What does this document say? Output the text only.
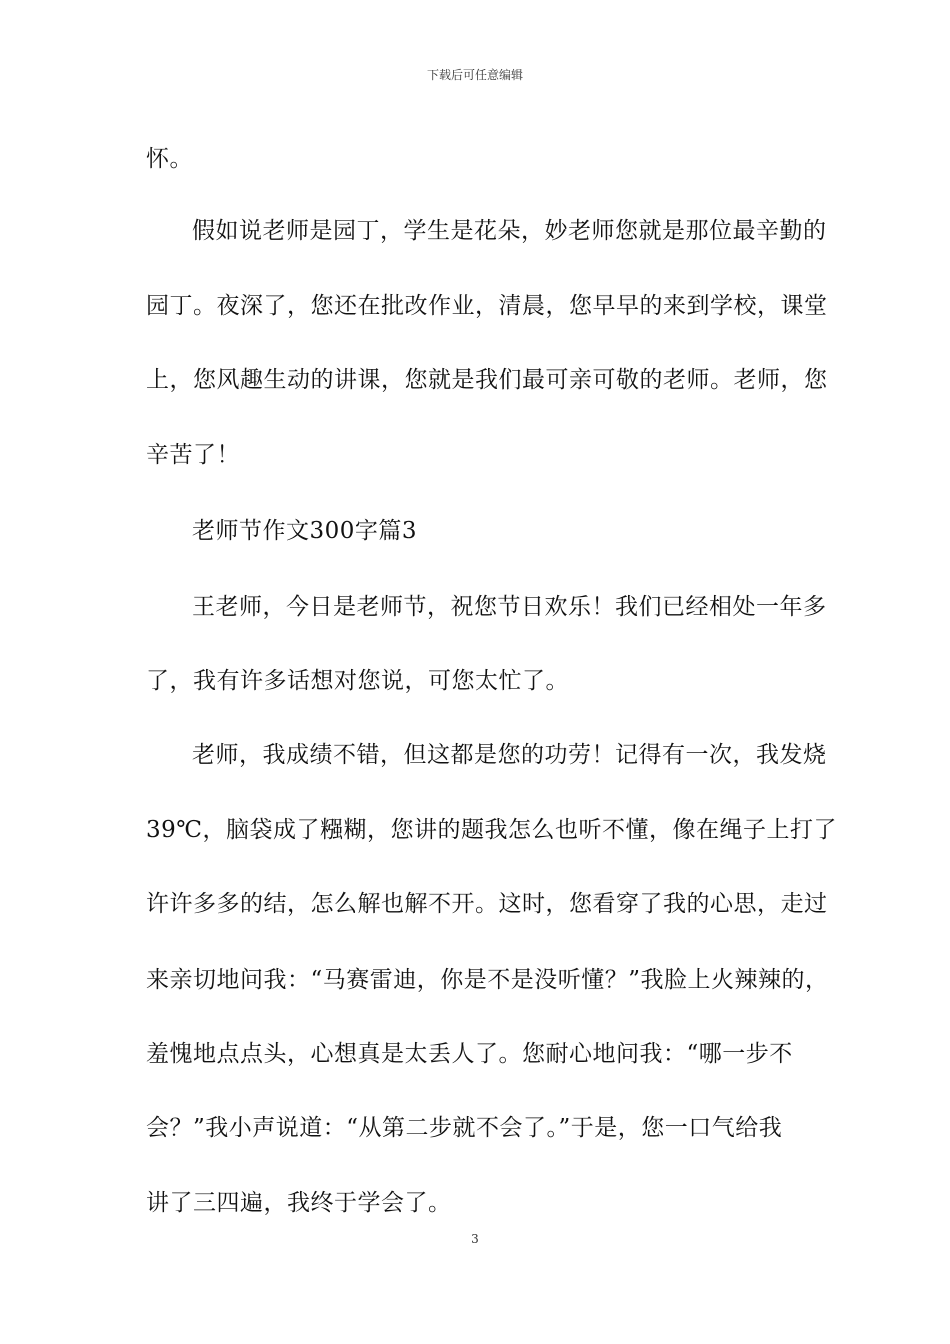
下载后可任意编辑
怀。
假如说老师是园丁，学生是花朵，妙老师您就是那位最辛勤的
园丁。夜深了，您还在批改作业，清晨，您早早的来到学校，课堂
上，您风趣生动的讲课，您就是我们最可亲可敬的老师。老师，您
辛苦了！
老师节作文300字篇3
王老师，今日是老师节，祝您节日欢乐！我们已经相处一年多
了，我有许多话想对您说，可您太忙了。
老师，我成绩不错，但这都是您的功劳！记得有一次，我发烧
39℃，脑袋成了糨糊，您讲的题我怎么也听不懂，像在绳子上打了
许许多多的结，怎么解也解不开。这时，您看穿了我的心思，走过
来亲切地问我：“马赛雷迪，你是不是没听懂？”我脸上火辣辣的，
羞愧地点点头，心想真是太丢人了。您耐心地问我：“哪一步不
会？”我小声说道：“从第二步就不会了。”于是，您一口气给我
讲了三四遍，我终于学会了。
3
